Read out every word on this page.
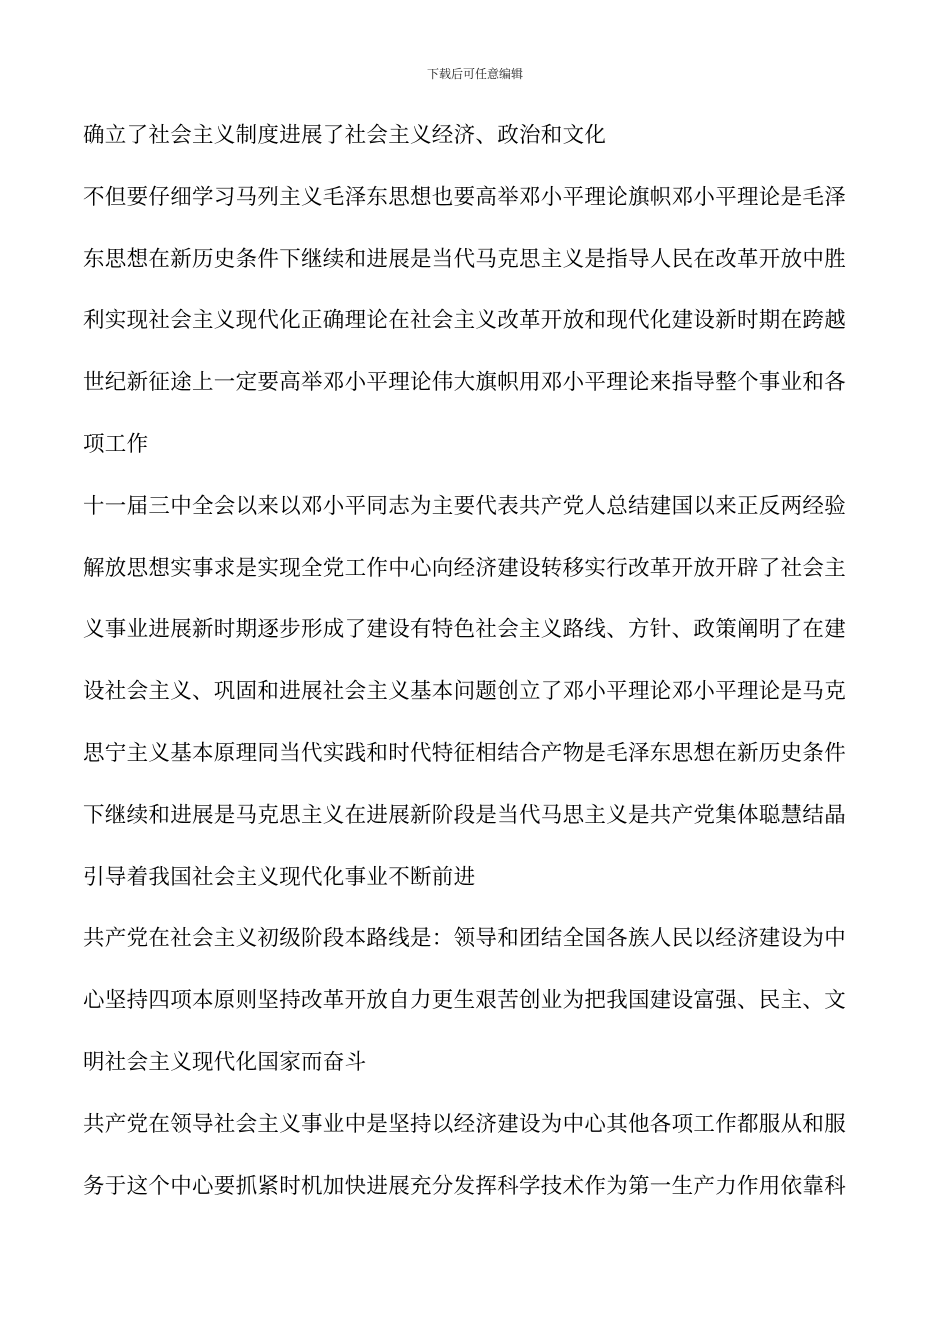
下载后可任意编辑
确立了社会主义制度进展了社会主义经济、政治和文化
不但要仔细学习马列主义毛泽东思想也要高举邓小平理论旗帜邓小平理论是毛泽
东思想在新历史条件下继续和进展是当代马克思主义是指导人民在改革开放中胜
利实现社会主义现代化正确理论在社会主义改革开放和现代化建设新时期在跨越
世纪新征途上一定要高举邓小平理论伟大旗帜用邓小平理论来指导整个事业和各
项工作
十一届三中全会以来以邓小平同志为主要代表共产党人总结建国以来正反两经验
解放思想实事求是实现全党工作中心向经济建设转移实行改革开放开辟了社会主
义事业进展新时期逐步形成了建设有特色社会主义路线、方针、政策阐明了在建
设社会主义、巩固和进展社会主义基本问题创立了邓小平理论邓小平理论是马克
思宁主义基本原理同当代实践和时代特征相结合产物是毛泽东思想在新历史条件
下继续和进展是马克思主义在进展新阶段是当代马思主义是共产党集体聪慧结晶
引导着我国社会主义现代化事业不断前进
共产党在社会主义初级阶段本路线是：领导和团结全国各族人民以经济建设为中
心坚持四项本原则坚持改革开放自力更生艰苦创业为把我国建设富强、民主、文
明社会主义现代化国家而奋斗
共产党在领导社会主义事业中是坚持以经济建设为中心其他各项工作都服从和服
务于这个中心要抓紧时机加快进展充分发挥科学技术作为第一生产力作用依靠科
